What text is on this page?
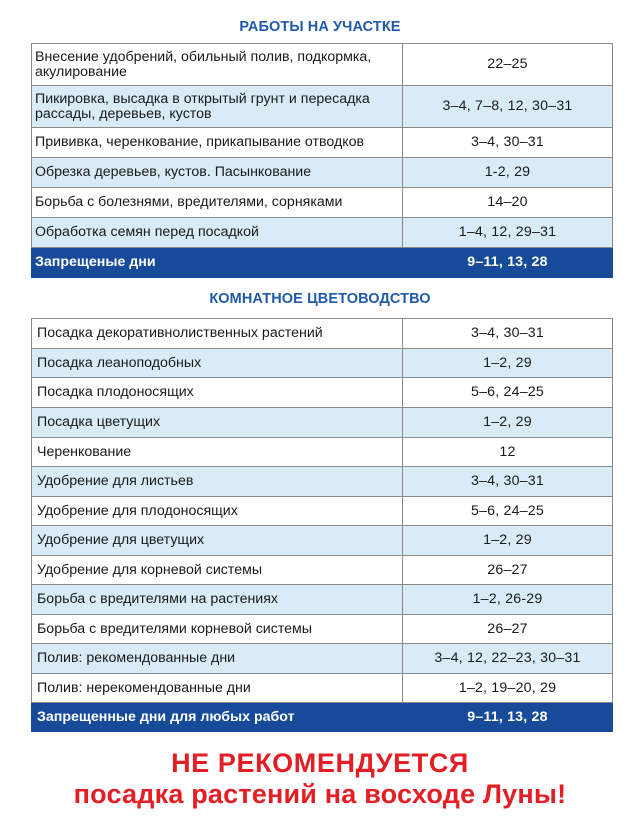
РАБОТЫ НА УЧАСТКЕ
Внесение удобрений, обильный полив, подкормка, акулирование	22–25
Пикировка, высадка в открытый грунт и пересадка рассады, деревьев, кустов	3–4, 7–8, 12, 30–31
Прививка, черенкование, прикапывание отводков	3–4, 30–31
Обрезка деревьев, кустов. Пасынкование	1-2, 29
Борьба с болезнями, вредителями, сорняками	14–20
Обработка семян перед посадкой	1–4, 12, 29–31
Запрещеные дни	9–11, 13, 28
КОМНАТНОЕ ЦВЕТОВОДСТВО
Посадка декоративнолиственных растений	3–4, 30–31
Посадка леаноподобных	1–2, 29
Посадка плодоносящих	5–6, 24–25
Посадка цветущих	1–2, 29
Черенкование	12
Удобрение для листьев	3–4, 30–31
Удобрение для плодоносящих	5–6, 24–25
Удобрение для цветущих	1–2, 29
Удобрение для корневой системы	26–27
Борьба с вредителями на растениях	1–2, 26-29
Борьба с вредителями корневой системы	26–27
Полив: рекомендованные дни	3–4, 12, 22–23, 30–31
Полив: нерекомендованные дни	1–2, 19–20, 29
Запрещенные дни для любых работ	9–11, 13, 28
НЕ РЕКОМЕНДУЕТСЯ
посадка растений на восходе Луны!
